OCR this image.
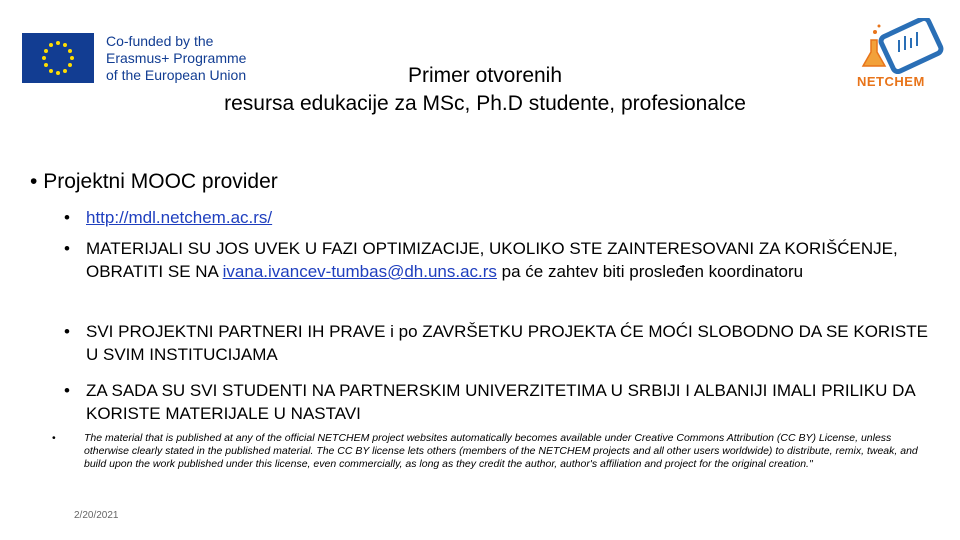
Co-funded by the
Erasmus+ Programme
of the European Union	NETCHEM
Primer otvorenih
resursa edukacije za MSc, Ph.D studente, profesionalce
• Projektni MOOC provider
• http://mdl.netchem.ac.rs/
• MATERIJALI SU JOS UVEK U FAZI OPTIMIZACIJE, UKOLIKO STE ZAINTERESOVANI ZA KORIŠĆENJE, OBRATITI SE NA ivana.ivancev-tumbas@dh.uns.ac.rs pa će zahtev biti prosleđen koordinatoru
• SVI PROJEKTNI PARTNERI IH PRAVE i po ZAVRŠETKU PROJEKTA ĆE MOĆI SLOBODNO DA SE KORISTE U SVIM INSTITUCIJAMA
• ZA SADA SU SVI STUDENTI NA PARTNERSKIM UNIVERZITETIMA U SRBIJI I ALBANIJI IMALI PRILIKU DA KORISTE MATERIJALE U NASTAVI
•	The material that is published at any of the official NETCHEM project websites automatically becomes available under Creative Commons Attribution (CC BY) License, unless otherwise clearly stated in the published material. The CC BY license lets others (members of the NETCHEM projects and all other users worldwide) to distribute, remix, tweak, and build upon the work published under this license, even commercially, as long as they credit the author, author's affiliation and project for the original creation."
2/20/2021
